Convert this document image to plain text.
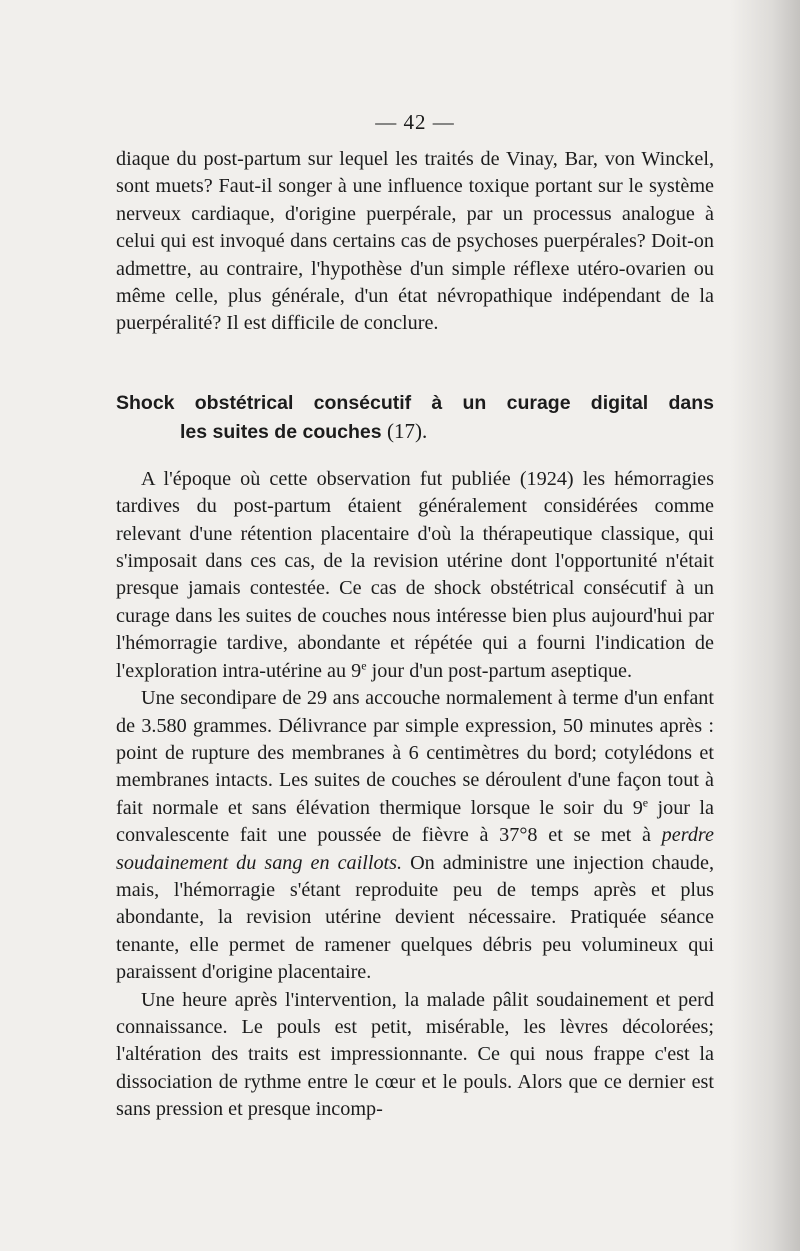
— 42 —

diaque du post-partum sur lequel les traités de Vinay, Bar, von Winckel, sont muets? Faut-il songer à une influence toxique portant sur le système nerveux cardiaque, d'origine puerpérale, par un processus analogue à celui qui est invoqué dans certains cas de psychoses puerpérales? Doit-on admettre, au contraire, l'hypothèse d'un simple réflexe utéro-ovarien ou même celle, plus générale, d'un état névropathique indépendant de la puerpéralité? Il est difficile de conclure.

Shock obstétrical consécutif à un curage digital dans
les suites de couches (17).

A l'époque où cette observation fut publiée (1924) les hémorragies tardives du post-partum étaient généralement considérées comme relevant d'une rétention placentaire d'où la thérapeutique classique, qui s'imposait dans ces cas, de la revision utérine dont l'opportunité n'était presque jamais contestée. Ce cas de shock obstétrical consécutif à un curage dans les suites de couches nous intéresse bien plus aujourd'hui par l'hémorragie tardive, abondante et répétée qui a fourni l'indication de l'exploration intra-utérine au 9e jour d'un post-partum aseptique.

Une secondipare de 29 ans accouche normalement à terme d'un enfant de 3.580 grammes. Délivrance par simple expression, 50 minutes après : point de rupture des membranes à 6 centimètres du bord; cotylédons et membranes intacts. Les suites de couches se déroulent d'une façon tout à fait normale et sans élévation thermique lorsque le soir du 9e jour la convalescente fait une poussée de fièvre à 37°8 et se met à perdre soudainement du sang en caillots. On administre une injection chaude, mais, l'hémorragie s'étant reproduite peu de temps après et plus abondante, la revision utérine devient nécessaire. Pratiquée séance tenante, elle permet de ramener quelques débris peu volumineux qui paraissent d'origine placentaire.

Une heure après l'intervention, la malade pâlit soudainement et perd connaissance. Le pouls est petit, misérable, les lèvres décolorées; l'altération des traits est impressionnante. Ce qui nous frappe c'est la dissociation de rythme entre le cœur et le pouls. Alors que ce dernier est sans pression et presque incomp-
